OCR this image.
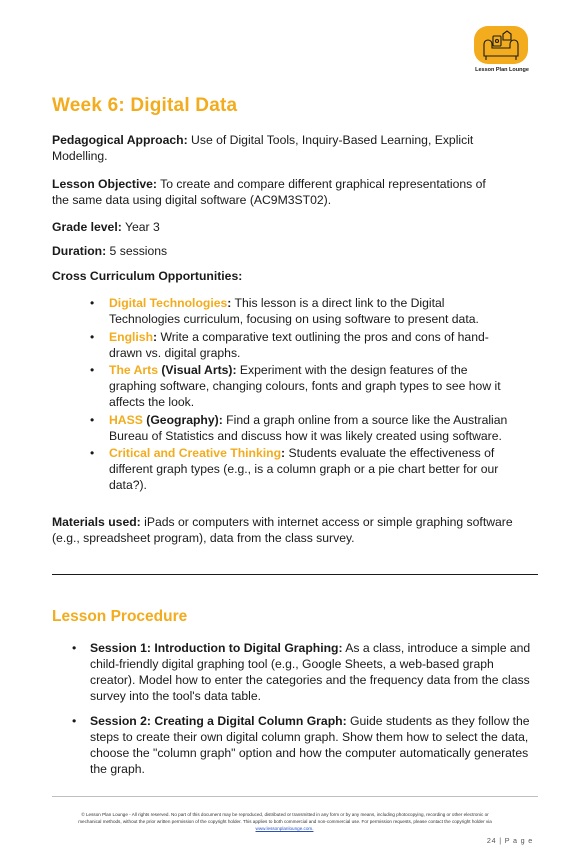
Lesson Plan Lounge
Week 6: Digital Data

Pedagogical Approach: Use of Digital Tools, Inquiry-Based Learning, Explicit Modelling.

Lesson Objective: To create and compare different graphical representations of the same data using digital software (AC9M3ST02).

Grade level: Year 3

Duration: 5 sessions

Cross Curriculum Opportunities:

• Digital Technologies: This lesson is a direct link to the Digital Technologies curriculum, focusing on using software to present data.
• English: Write a comparative text outlining the pros and cons of hand-drawn vs. digital graphs.
• The Arts (Visual Arts): Experiment with the design features of the graphing software, changing colours, fonts and graph types to see how it affects the look.
• HASS (Geography): Find a graph online from a source like the Australian Bureau of Statistics and discuss how it was likely created using software.
• Critical and Creative Thinking: Students evaluate the effectiveness of different graph types (e.g., is a column graph or a pie chart better for our data?).

Materials used: iPads or computers with internet access or simple graphing software (e.g., spreadsheet program), data from the class survey.

Lesson Procedure
• Session 1: Introduction to Digital Graphing: As a class, introduce a simple and child-friendly digital graphing tool (e.g., Google Sheets, a web-based graph creator). Model how to enter the categories and the frequency data from the class survey into the tool's data table.
• Session 2: Creating a Digital Column Graph: Guide students as they follow the steps to create their own digital column graph. Show them how to select the data, choose the "column graph" option and how the computer automatically generates the graph.
© Lesson Plan Lounge - All rights reserved. No part of this document may be reproduced, distributed or transmitted in any form or by any means, including photocopying, recording or other electronic or
mechanical methods, without the prior written permission of the copyright holder. This applies to both commercial and non-commercial use. For permission requests, please contact the copyright holder via
www.lessonplanlounge.com.
24 | P a g e
